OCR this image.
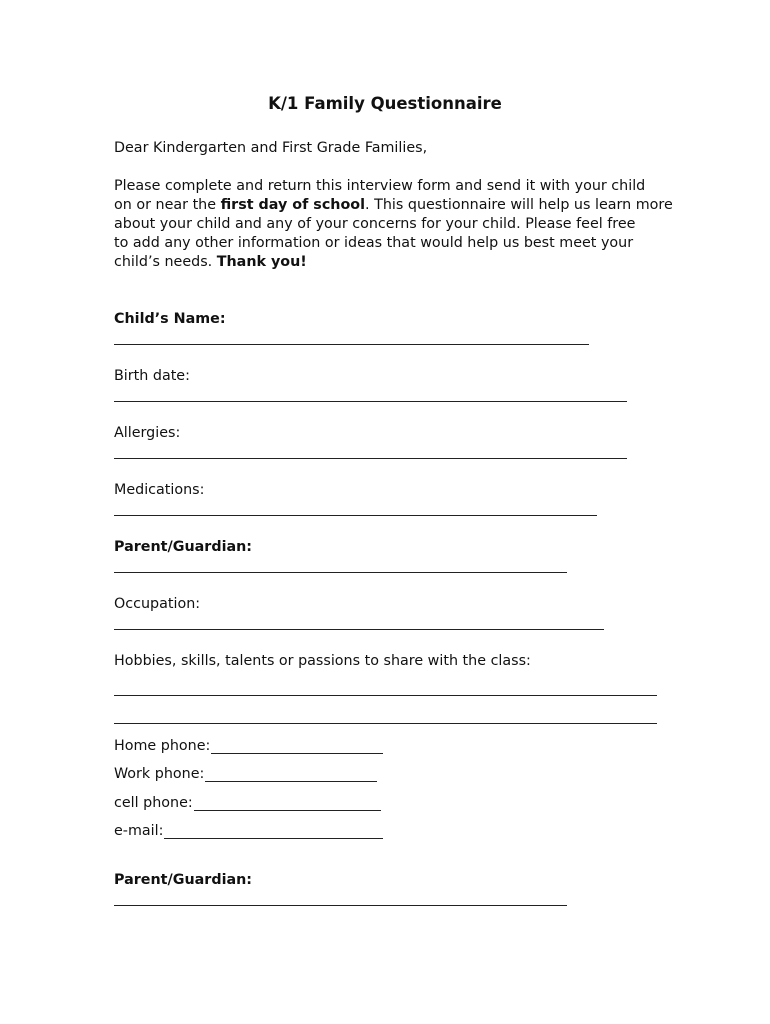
K/1 Family Questionnaire
Dear Kindergarten and First Grade Families,
Please complete and return this interview form and send it with your child
on or near the first day of school. This questionnaire will help us learn more
about your child and any of your concerns for your child. Please feel free
to add any other information or ideas that would help us best meet your
child’s needs. Thank you!
Child’s Name:
Birth date:
Allergies:
Medications:
Parent/Guardian:
Occupation:
Hobbies, skills, talents or passions to share with the class:
Home phone:
Work phone:
cell phone:
e-mail:
Parent/Guardian:
